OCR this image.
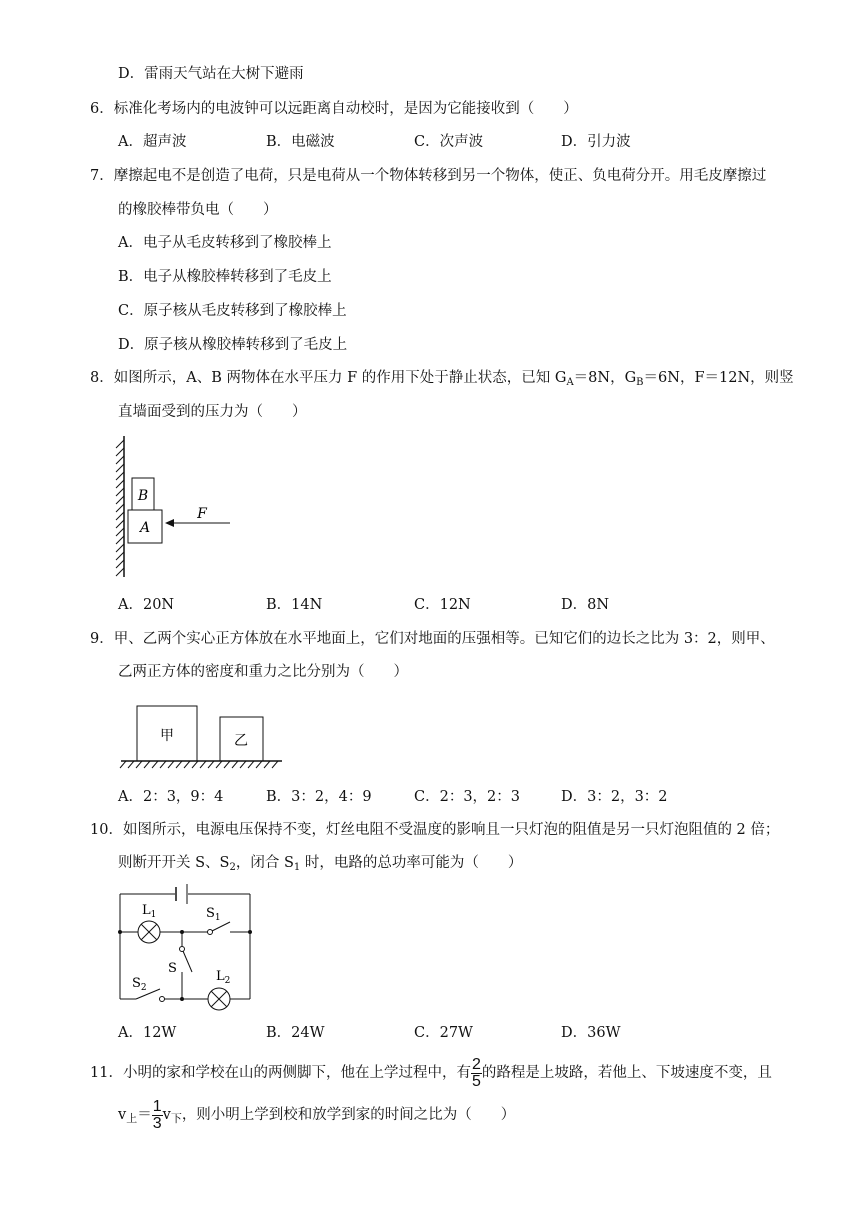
D．雷雨天气站在大树下避雨
6．标准化考场内的电波钟可以远距离自动校时，是因为它能接收到（　　）
A．超声波	B．电磁波	C．次声波	D．引力波
7．摩擦起电不是创造了电荷，只是电荷从一个物体转移到另一个物体，使正、负电荷分开。用毛皮摩擦过
的橡胶棒带负电（　　）
A．电子从毛皮转移到了橡胶棒上
B．电子从橡胶棒转移到了毛皮上
C．原子核从毛皮转移到了橡胶棒上
D．原子核从橡胶棒转移到了毛皮上
8．如图所示，A、B 两物体在水平压力 F 的作用下处于静止状态，已知 $G_A=8N$，$G_B=6N$，F＝12N，则竖
直墙面受到的压力为（　　）
B
A
F
A．20N	B．14N	C．12N	D．8N
9．甲、乙两个实心正方体放在水平地面上，它们对地面的压强相等。已知它们的边长之比为 3：2，则甲、
乙两正方体的密度和重力之比分别为（　　）
甲	乙
A．2：3，9：4	B．3：2，4：9	C．2：3，2：3	D．3：2，3：2
10．如图所示，电源电压保持不变，灯丝电阻不受温度的影响且一只灯泡的阻值是另一只灯泡阻值的 2 倍；
则断开开关 S、$S_2$，闭合 $S_1$ 时，电路的总功率可能为（　　）
$L_1$	$S_1$
S
$S_2$
$L_2$
A．12W	B．24W	C．27W	D．36W
11．小明的家和学校在山的两侧脚下，他在上学过程中，有 $\frac{2}{5}$ 的路程是上坡路，若他上、下坡速度不变，且
$v_上= \frac{1}{3} v_下$，则小明上学到校和放学到家的时间之比为（　　）
